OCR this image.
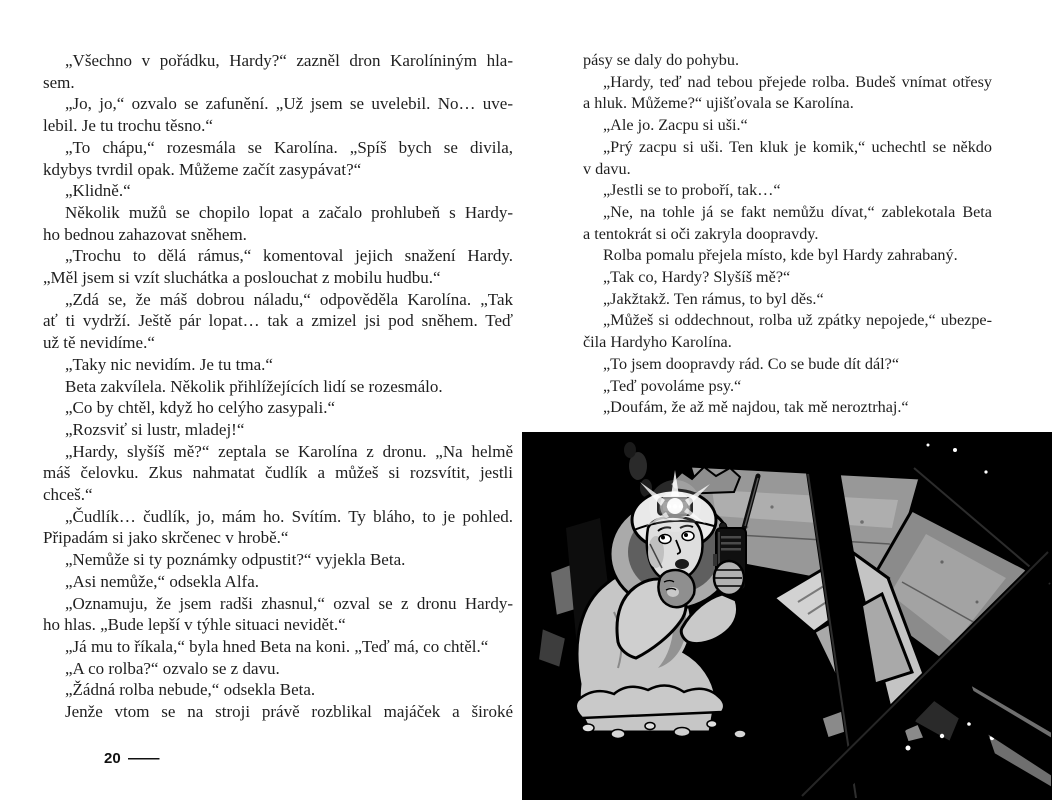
„Všechno v pořádku, Hardy?“ zazněl dron Karolíniným hla-
sem.
„Jo, jo,“ ozvalo se zafunění. „Už jsem se uvelebil. No… uve-
lebil. Je tu trochu těsno.“
„To chápu,“ rozesmála se Karolína. „Spíš bych se divila,
kdybys tvrdil opak. Můžeme začít zasypávat?“
„Klidně.“
Několik mužů se chopilo lopat a začalo prohlubeň s Hardy-
ho bednou zahazovat sněhem.
„Trochu to dělá rámus,“ komentoval jejich snažení Hardy.
„Měl jsem si vzít sluchátka a poslouchat z mobilu hudbu.“
„Zdá se, že máš dobrou náladu,“ odpověděla Karolína. „Tak
ať ti vydrží. Ještě pár lopat… tak a zmizel jsi pod sněhem. Teď
už tě nevidíme.“
„Taky nic nevidím. Je tu tma.“
Beta zakvílela. Několik přihlížejících lidí se rozesmálo.
„Co by chtěl, když ho celýho zasypali.“
„Rozsviť si lustr, mladej!“
„Hardy, slyšíš mě?“ zeptala se Karolína z dronu. „Na helmě
máš čelovku. Zkus nahmatat čudlík a můžeš si rozsvítit, jestli
chceš.“
„Čudlík… čudlík, jo, mám ho. Svítím. Ty bláho, to je pohled.
Připadám si jako skrčenec v hrobě.“
„Nemůže si ty poznámky odpustit?“ vyjekla Beta.
„Asi nemůže,“ odsekla Alfa.
„Oznamuju, že jsem radši zhasnul,“ ozval se z dronu Hardy-
ho hlas. „Bude lepší v týhle situaci nevidět.“
„Já mu to říkala,“ byla hned Beta na koni. „Teď má, co chtěl.“
„A co rolba?“ ozvalo se z davu.
„Žádná rolba nebude,“ odsekla Beta.
Jenže vtom se na stroji právě rozblikal majáček a široké
pásy se daly do pohybu.
„Hardy, teď nad tebou přejede rolba. Budeš vnímat otřesy
a hluk. Můžeme?“ ujišťovala se Karolína.
„Ale jo. Zacpu si uši.“
„Prý zacpu si uši. Ten kluk je komik,“ uchechtl se někdo
v davu.
„Jestli se to proboří, tak…“
„Ne, na tohle já se fakt nemůžu dívat,“ zablekotala Beta
a tentokrát si oči zakryla doopravdy.
Rolba pomalu přejela místo, kde byl Hardy zahrabaný.
„Tak co, Hardy? Slyšíš mě?“
„Jakžtakž. Ten rámus, to byl děs.“
„Můžeš si oddechnout, rolba už zpátky nepojede,“ ubezpe-
čila Hardyho Karolína.
„To jsem doopravdy rád. Co se bude dít dál?“
„Teď povoláme psy.“
„Doufám, že až mě najdou, tak mě neroztrhaj.“
20 —
